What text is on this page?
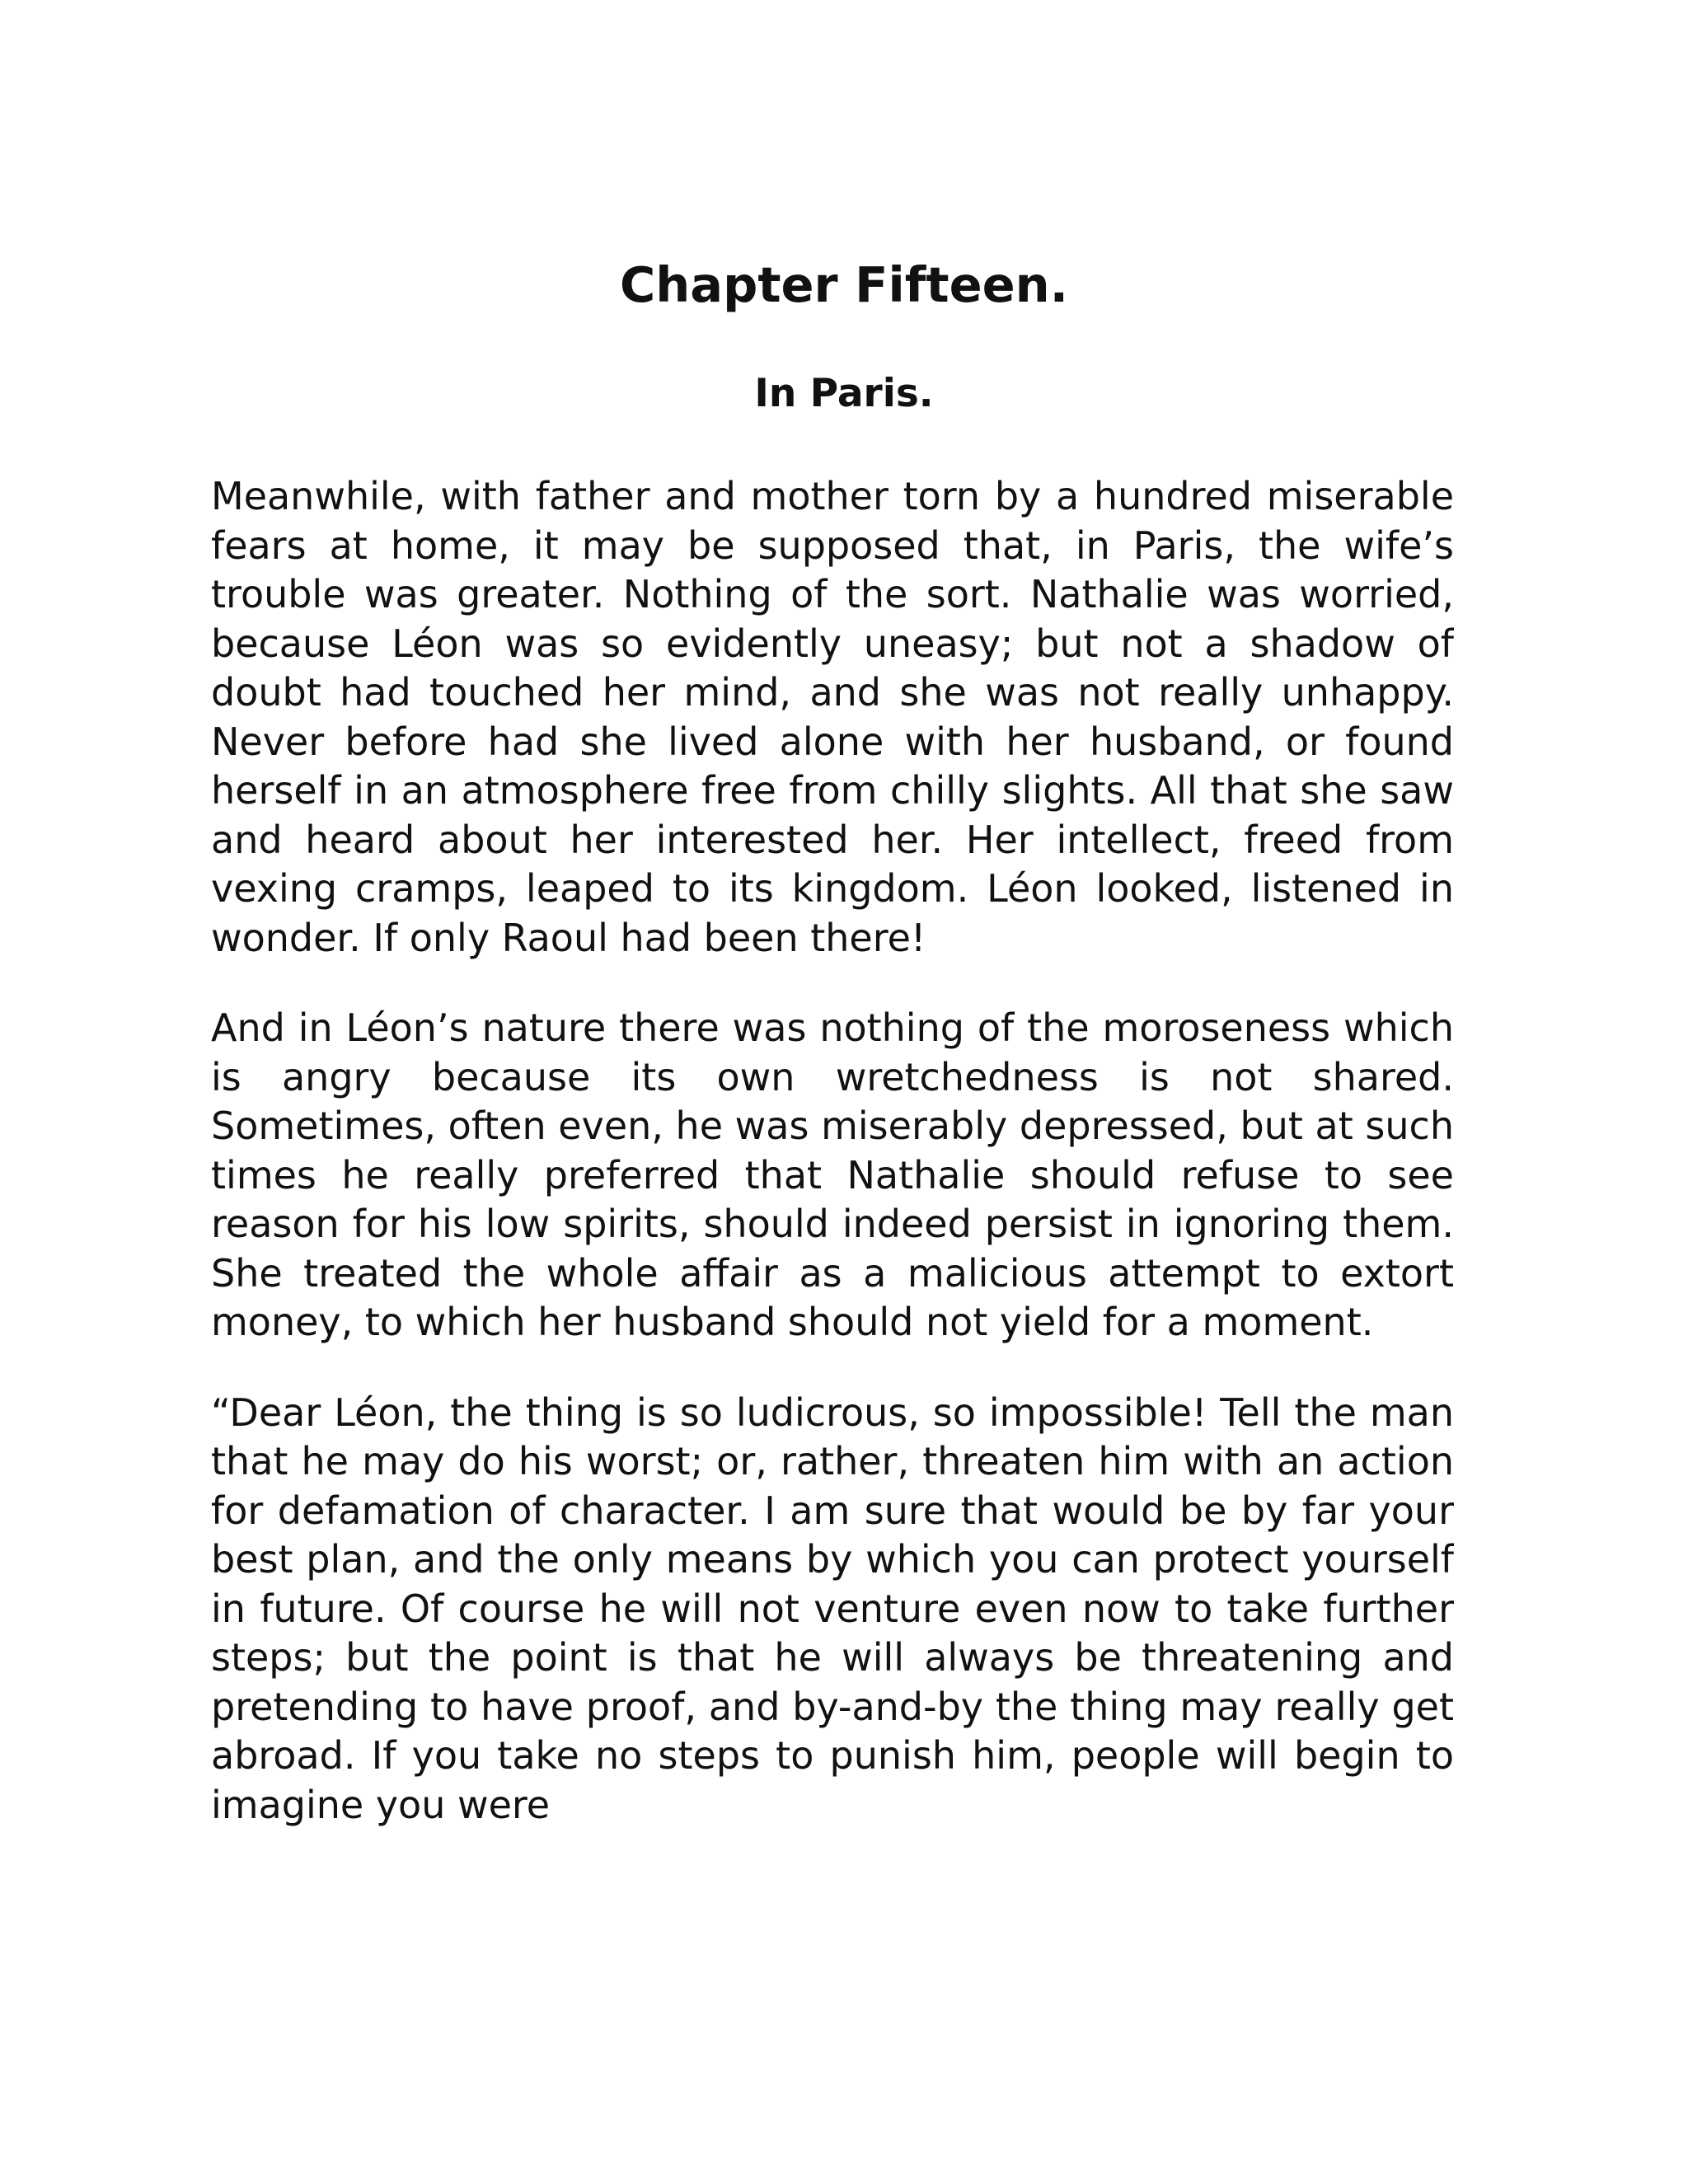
Chapter Fifteen.
In Paris.

Meanwhile, with father and mother torn by a hundred miserable fears at home, it may be supposed that, in Paris, the wife’s trouble was greater. Nothing of the sort. Nathalie was worried, because Léon was so evidently uneasy; but not a shadow of doubt had touched her mind, and she was not really unhappy. Never before had she lived alone with her husband, or found herself in an atmosphere free from chilly slights. All that she saw and heard about her interested her. Her intellect, freed from vexing cramps, leaped to its kingdom. Léon looked, listened in wonder. If only Raoul had been there!

And in Léon’s nature there was nothing of the moroseness which is angry because its own wretchedness is not shared. Sometimes, often even, he was miserably depressed, but at such times he really preferred that Nathalie should refuse to see reason for his low spirits, should indeed persist in ignoring them. She treated the whole affair as a malicious attempt to extort money, to which her husband should not yield for a moment.

“Dear Léon, the thing is so ludicrous, so impossible! Tell the man that he may do his worst; or, rather, threaten him with an action for defamation of character. I am sure that would be by far your best plan, and the only means by which you can protect yourself in future. Of course he will not venture even now to take further steps; but the point is that he will always be threatening and pretending to have proof, and by-and-by the thing may really get abroad. If you take no steps to punish him, people will begin to imagine you were
